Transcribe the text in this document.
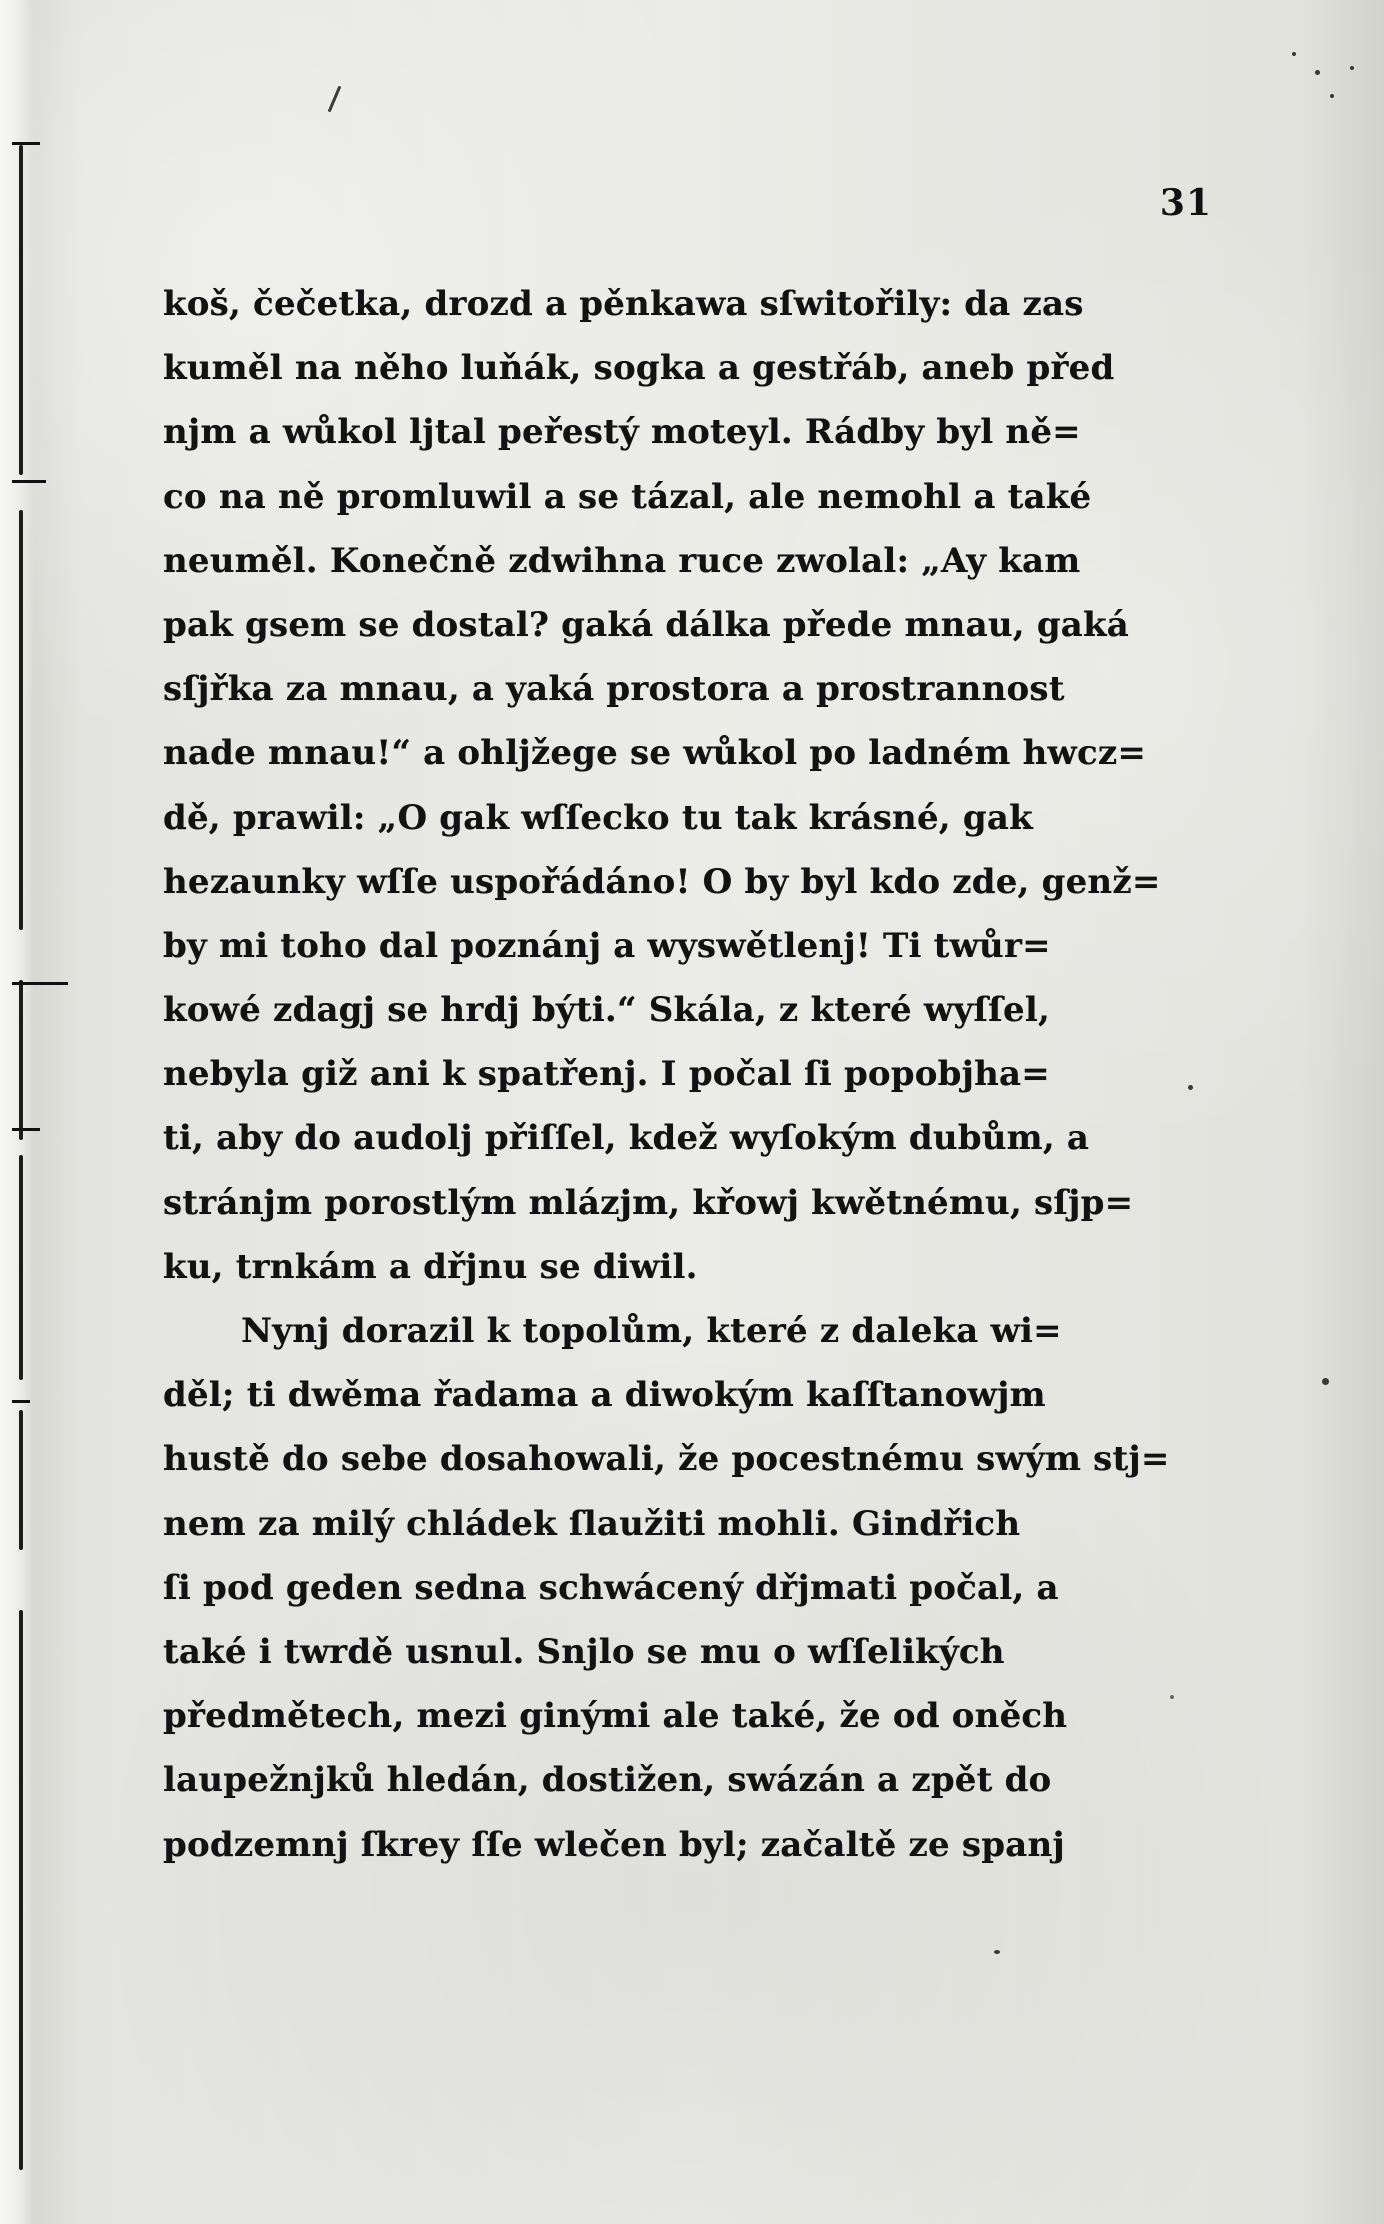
31
koš, čečetka, drozd a pěnkawa sſwitořily: da zas
kuměl na něho luňák, sogka a gestřáb, aneb před
njm a wůkol ljtal peřestý moteyl. Rádby byl ně=
co na ně promluwil a se tázal, ale nemohl a také
neuměl. Konečně zdwihna ruce zwolal: „Ay kam
pak gsem se dostal? gaká dálka přede mnau, gaká
sſjřka za mnau, a yaká prostora a prostrannost
nade mnau!“ a ohljžege se wůkol po ladném hwcz=
dě, prawil: „O gak wſſecko tu tak krásné, gak
hezaunky wſſe uspořádáno! O by byl kdo zde, genž=
by mi toho dal poznánj a wyswětlenj! Ti twůr=
kowé zdagj se hrdj býti.“ Skála, z které wyſſel,
nebyla giž ani k spatřenj. I počal ſi popobjha=
ti, aby do audolj přiſſel, kdež wyſokým dubům, a
stránjm porostlým mlázjm, křowj kwětnému, sſjp=
ku, trnkám a dřjnu se diwil.
Nynj dorazil k topolům, které z daleka wi=
děl; ti dwěma řadama a diwokým kaſſtanowjm
hustě do sebe dosahowali, že pocestnému swým stj=
nem za milý chládek ſlaužiti mohli. Gindřich
ſi pod geden sedna schwácený dřjmati počal, a
také i twrdě usnul. Snjlo se mu o wſſelikých
předmětech, mezi ginými ale také, že od oněch
laupežnjků hledán, dostižen, swázán a zpět do
podzemnj ſkrey ſſe wlečen byl; začaltě ze spanj
